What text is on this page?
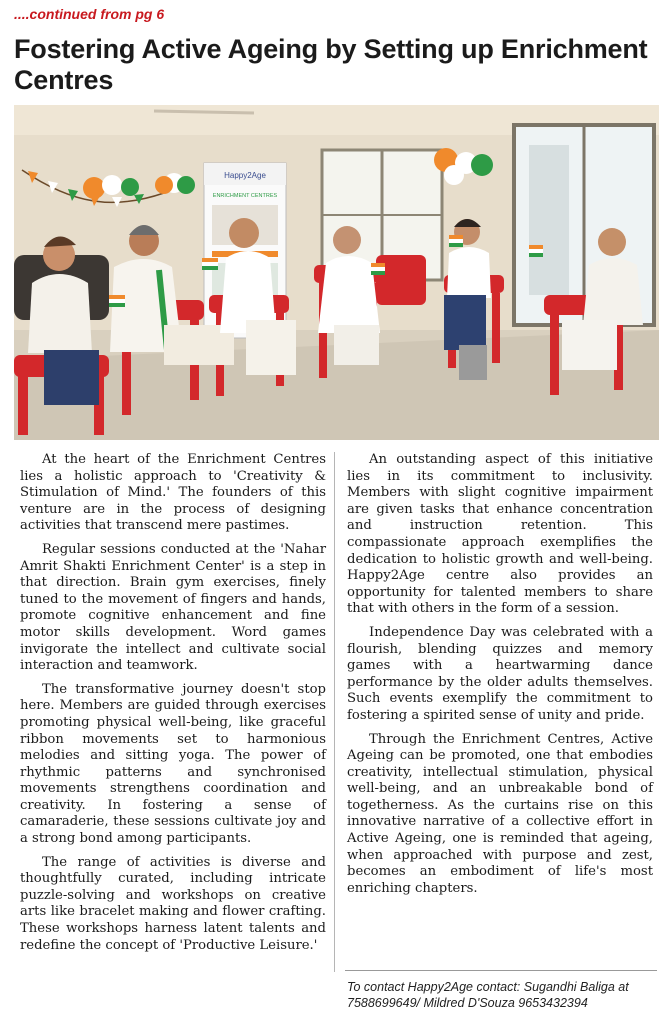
....continued from pg 6
Fostering Active Ageing by Setting up Enrichment Centres
Happy2Age
ENRICHMENT CENTRES

At the heart of the Enrichment Centres lies a holistic approach to 'Creativity & Stimulation of Mind.' The founders of this venture are in the process of designing activities that transcend mere pastimes.

Regular sessions conducted at the 'Nahar Amrit Shakti Enrichment Center' is a step in that direction. Brain gym exercises, finely tuned to the movement of fingers and hands, promote cognitive enhancement and fine motor skills development. Word games invigorate the intellect and cultivate social interaction and teamwork.

The transformative journey doesn't stop here. Members are guided through exercises promoting physical well-being, like graceful ribbon movements set to harmonious melodies and sitting yoga. The power of rhythmic patterns and synchronised movements strengthens coordination and creativity. In fostering a sense of camaraderie, these sessions cultivate joy and a strong bond among participants.

The range of activities is diverse and thoughtfully curated, including intricate puzzle-solving and workshops on creative arts like bracelet making and flower crafting. These workshops harness latent talents and redefine the concept of 'Productive Leisure.'

An outstanding aspect of this initiative lies in its commitment to inclusivity. Members with slight cognitive impairment are given tasks that enhance concentration and instruction retention. This compassionate approach exemplifies the dedication to holistic growth and well-being. Happy2Age centre also provides an opportunity for talented members to share that with others in the form of a session.

Independence Day was celebrated with a flourish, blending quizzes and memory games with a heartwarming dance performance by the older adults themselves. Such events exemplify the commitment to fostering a spirited sense of unity and pride.

Through the Enrichment Centres, Active Ageing can be promoted, one that embodies creativity, intellectual stimulation, physical well-being, and an unbreakable bond of togetherness. As the curtains rise on this innovative narrative of a collective effort in Active Ageing, one is reminded that ageing, when approached with purpose and zest, becomes an embodiment of life's most enriching chapters.

To contact Happy2Age contact: Sugandhi Baliga at 7588699649/ Mildred D'Souza 9653432394
